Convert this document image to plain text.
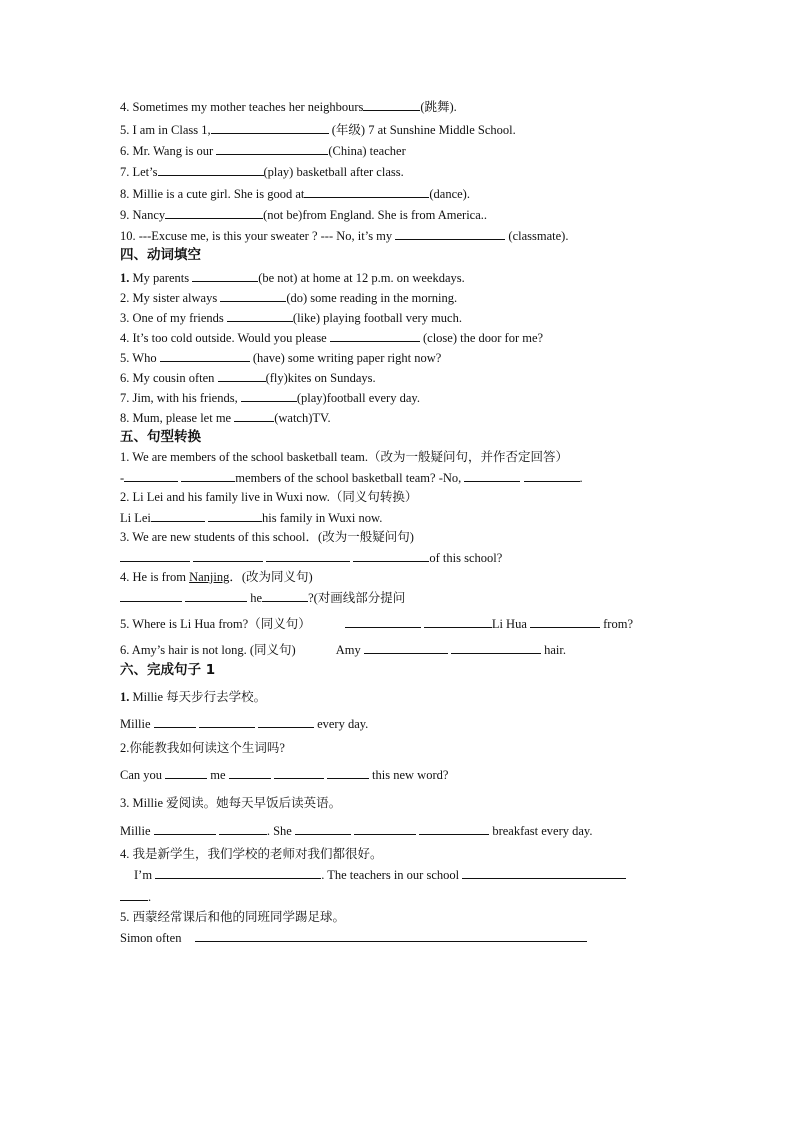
4. Sometimes my mother teaches her neighbours	(跳舞).
5. I am in Class 1,	(年级) 7 at Sunshine Middle School.
6. Mr. Wang is our	(China) teacher
7. Let’s	(play) basketball after class.
8. Millie is a cute girl. She is good at	(dance).
9. Nancy	(not be)from England. She is from America..
10. ---Excuse me, is this your sweater ? --- No, it’s my	(classmate).
四、动词填空
1. My parents	(be not) at home at 12 p.m. on weekdays.
2. My sister always	(do) some reading in the morning.
3. One of my friends	(like) playing football very much.
4. It’s too cold outside. Would you please	(close) the door for me?
5. Who	(have) some writing paper right now?
6. My cousin often	(fly)kites on Sundays.
7. Jim, with his friends,	(play)football every day.
8. Mum, please let me	(watch)TV.
五、句型转换
1. We are members of the school basketball team.（改为一般疑问句，并作否定回答）
-	members of the school basketball team? -No,	.
2. Li Lei and his family live in Wuxi now.（同义句转换）
Li Lei	his family in Wuxi now.
3. We are new students of this school．(改为一般疑问句)
of this school?
4. He is from Nanjing．(改为同义句)
he	?(对画线部分提问
5. Where is Li Hua from?（同义句）	Li Hua	from?
6. Amy’s hair is not long. (同义句)	Amy	hair.
六、完成句子 1
1. Millie 每天步行去学校。
Millie	every day.
2.你能教我如何读这个生词吗?
Can you	me	this new word?
3. Millie 爱阅读。她每天早饭后读英语。
Millie	. She	breakfast every day.
4. 我是新学生，我们学校的老师对我们都很好。
I’m	. The teachers in our school
.
5. 西蒙经常课后和他的同班同学踢足球。
Simon often
